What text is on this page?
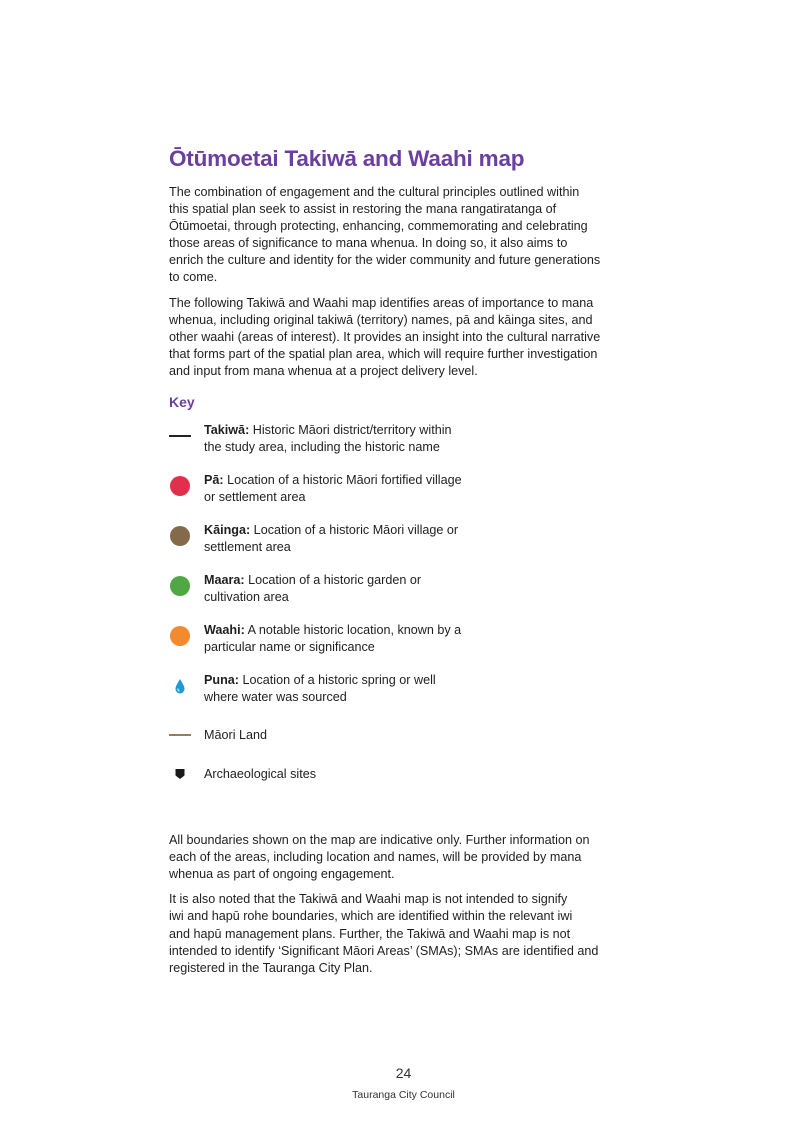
Ōtūmoetai Takiwā and Waahi map

The combination of engagement and the cultural principles outlined within
this spatial plan seek to assist in restoring the mana rangatiratanga of
Ōtūmoetai, through protecting, enhancing, commemorating and celebrating
those areas of significance to mana whenua. In doing so, it also aims to
enrich the culture and identity for the wider community and future generations
to come.

The following Takiwā and Waahi map identifies areas of importance to mana
whenua, including original takiwā (territory) names, pā and kāinga sites, and
other waahi (areas of interest). It provides an insight into the cultural narrative
that forms part of the spatial plan area, which will require further investigation
and input from mana whenua at a project delivery level.

Key
Takiwā: Historic Māori district/territory within
the study area, including the historic name
Pā: Location of a historic Māori fortified village
or settlement area
Kāinga: Location of a historic Māori village or
settlement area
Maara: Location of a historic garden or
cultivation area
Waahi: A notable historic location, known by a
particular name or significance
Puna: Location of a historic spring or well
where water was sourced
Māori Land
Archaeological sites

All boundaries shown on the map are indicative only. Further information on
each of the areas, including location and names, will be provided by mana
whenua as part of ongoing engagement.

It is also noted that the Takiwā and Waahi map is not intended to signify
iwi and hapū rohe boundaries, which are identified within the relevant iwi
and hapū management plans. Further, the Takiwā and Waahi map is not
intended to identify ‘Significant Māori Areas’ (SMAs); SMAs are identified and
registered in the Tauranga City Plan.

24
Tauranga City Council
